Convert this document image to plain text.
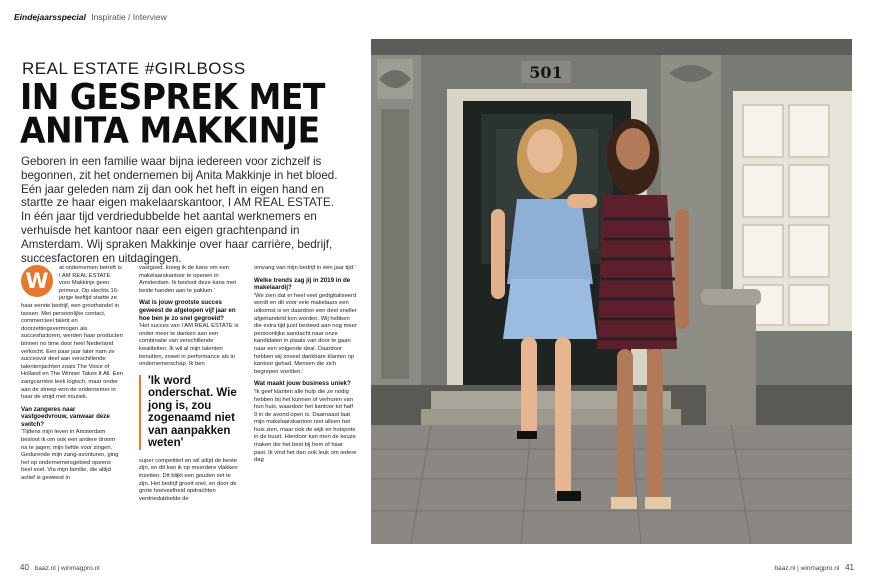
Eindejaarsspecial Inspiratie / Interview
REAL ESTATE #GIRLBOSS
IN GESPREK MET
ANITA MAKKINJE
Geboren in een familie waar bijna iedereen voor zichzelf is begonnen, zit het ondernemen bij Anita Makkinje in het bloed. Eén jaar geleden nam zij dan ook het heft in eigen hand en startte ze haar eigen makelaarskantoor, I AM REAL ESTATE. In één jaar tijd verdriedubbelde het aantal werknemers en verhuisde het kantoor naar een eigen grachtenpand in Amsterdam. Wij spraken Makkinje over haar carrière, bedrijf, succesfactoren en uitdagingen.

W
at ondernemen betreft is I AM REAL ESTATE voor Makkinje geen primeur. Op slechts 16-jarige leeftijd startte ze haar eerste bedrijf, een groothandel in tassen. Met persoonlijke contact, commercieel talent en doorzettingsvermogen als succesfactoren, werden haar producten binnen no time door heel Nederland verkocht. Een paar jaar later nam ze succesvol deel aan verschillende talentenjachten zoals The Voice of Holland en The Winner Takes It All. Een zangcarrière leek logisch, maar onder aan de streep won de ondernemer in haar de strijd met muziek.

Van zangeres naar vastgoedvrouw, vanwaar deze switch?

'Tijdens mijn leven in Amsterdam besloot ik om ook een andere droom na te jagen; mijn liefde voor zingen. Gedurende mijn zang-avonturen, ging het op ondernemersgebied opeens heel snel. Via mijn familie, die altijd actief is geweest in

vastgoed, kreeg ik de kans om een makelaarskantoor te openen in Amsterdam. Ik besloot deze kans met beide handen aan te pakken.'

Wat is jouw grootste succes geweest de afgelopen vijf jaar en hoe ben je zo snel gegroeid?

'Het succes van I AM REAL ESTATE is onder meer te danken aan een combinatie van verschillende kwaliteiten. Ik wil al mijn talenten benutten, zowel in performance als in ondernemerschap. Ik ben

'Ik word onderschat. Wie jong is, zou zogenaamd niet van aanpakken weten'

super competitief en wil altijd de beste zijn, en dit kan ik op meerdere vlakken inzetten. Dit blijkt een gouden zet te zijn. Het bedrijf groeit snel, en door de grote hoeveelheid opdrachten verdriedubbelde de

omvang van mijn bedrijf in één jaar tijd.'

Welke trends zag jij in 2019 in de makelaardij?

'We zien dat er heel veel gedigitaliseerd wordt en dit voor vele makelaars een uitkomst is en daardoor een deel sneller afgehandeld kon worden. Wij hebben die extra tijd juist besteed aan nog meer persoonlijke aandacht naar onze kandidaten in plaats van door te gaan naar een volgende deal. Daardoor hebben wij zoveel dankbare klanten op kantoor gehad. Mensen die zich begrepen voelden.'

Wat maakt jouw business uniek?

'Ik geef klanten alle hulp die ze nodig hebben bij het kunnen of verhuren van hun huis, waardoor het kantoor tot half 9 in de avond open is. Daarnaast laat mijn makelaarskantoor niet alleen het huis zien, maar ook de wijk en hotspots in de buurt. Hierdoor kan men de keuze maken die het best bij hem of haar past. Ik vind het dan ook leuk om iedere dag

501
40 baaz.nl | winmagpro.nl	baaz.nl | winmagpro.nl 41
